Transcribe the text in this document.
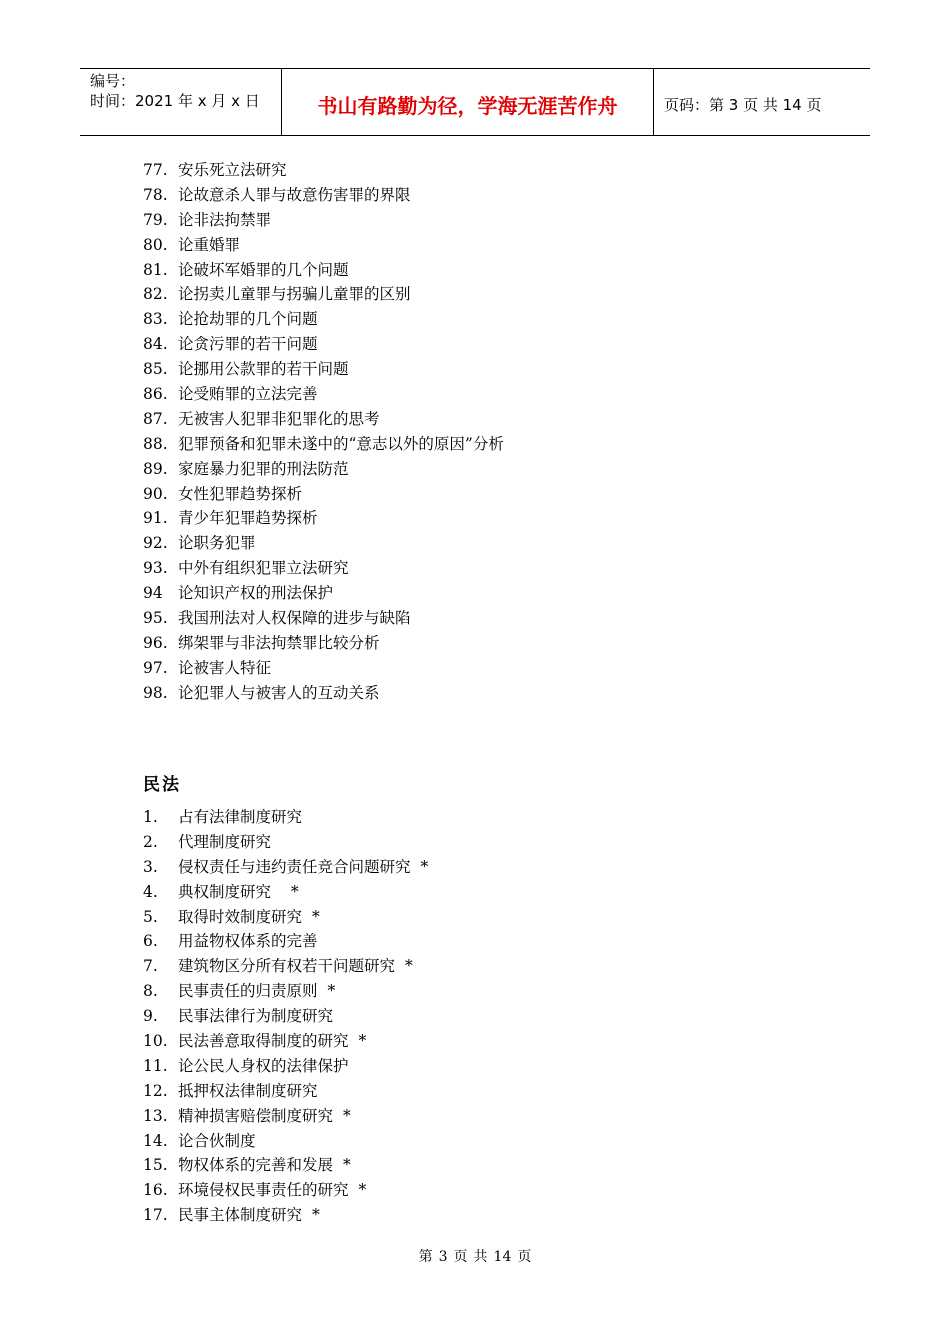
编号：
时间：2021 年 x 月 x 日	书山有路勤为径，学海无涯苦作舟	页码：第 3 页 共 14 页
77. 安乐死立法研究
78. 论故意杀人罪与故意伤害罪的界限
79. 论非法拘禁罪
80. 论重婚罪
81. 论破坏军婚罪的几个问题
82. 论拐卖儿童罪与拐骗儿童罪的区别
83. 论抢劫罪的几个问题
84. 论贪污罪的若干问题
85. 论挪用公款罪的若干问题
86. 论受贿罪的立法完善
87. 无被害人犯罪非犯罪化的思考
88. 犯罪预备和犯罪未遂中的“意志以外的原因”分析
89. 家庭暴力犯罪的刑法防范
90. 女性犯罪趋势探析
91. 青少年犯罪趋势探析
92. 论职务犯罪
93. 中外有组织犯罪立法研究
94 论知识产权的刑法保护
95. 我国刑法对人权保障的进步与缺陷
96. 绑架罪与非法拘禁罪比较分析
97. 论被害人特征
98. 论犯罪人与被害人的互动关系
民法
1.	占有法律制度研究
2.	代理制度研究
3.	侵权责任与违约责任竞合问题研究 *
4.	典权制度研究 *
5.	取得时效制度研究 *
6.	用益物权体系的完善
7.	建筑物区分所有权若干问题研究 *
8.	民事责任的归责原则 *
9.	民事法律行为制度研究
10. 民法善意取得制度的研究 *
11. 论公民人身权的法律保护
12. 抵押权法律制度研究
13. 精神损害赔偿制度研究 *
14. 论合伙制度
15. 物权体系的完善和发展 *
16. 环境侵权民事责任的研究 *
17. 民事主体制度研究 *
第 3 页 共 14 页
